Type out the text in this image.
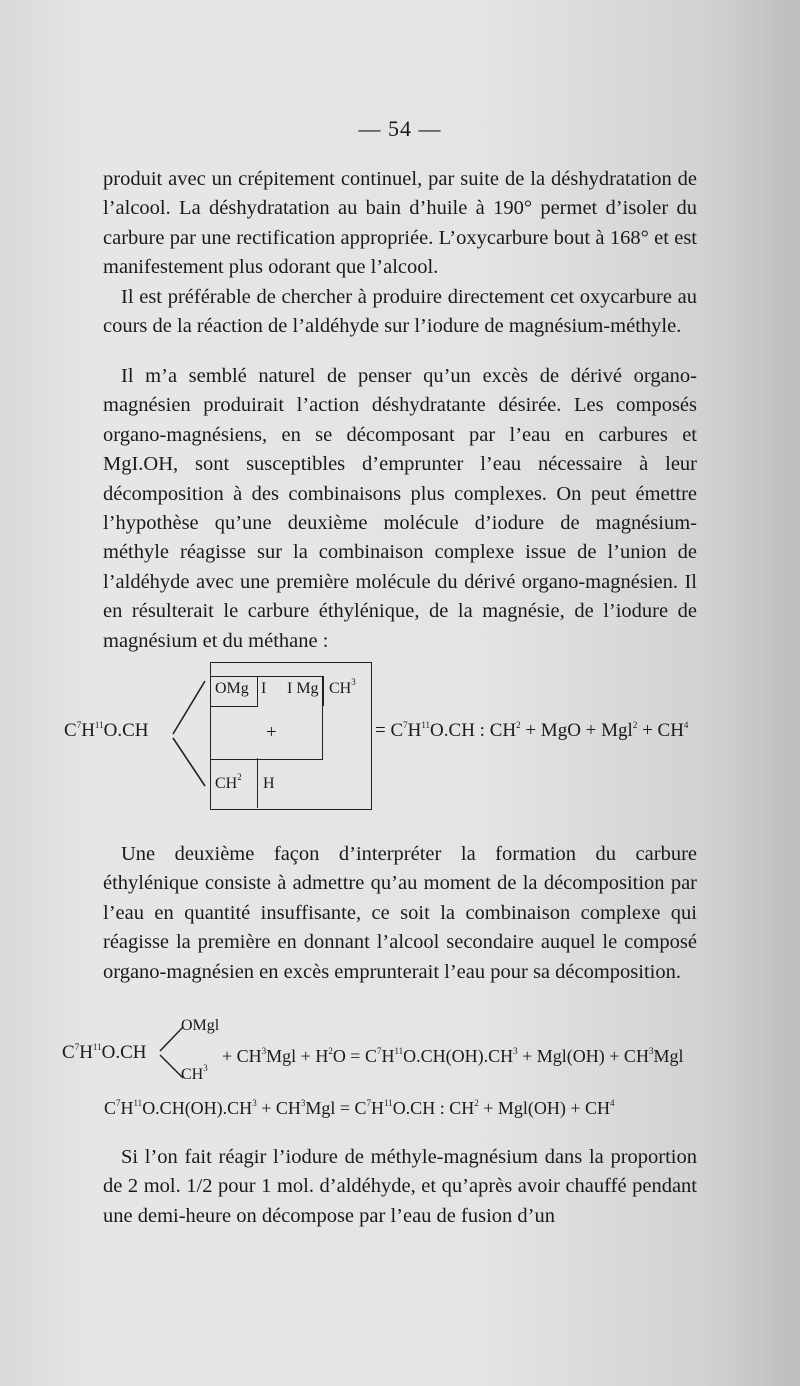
— 54 —

produit avec un crépitement continuel, par suite de la déshydratation de l’alcool. La déshydratation au bain d’huile à 190° permet d’isoler du carbure par une rectification appropriée. L’oxycarbure bout à 168° et est manifestement plus odorant que l’alcool.

Il est préférable de chercher à produire directement cet oxycarbure au cours de la réaction de l’aldéhyde sur l’iodure de magnésium-méthyle.

Il m’a semblé naturel de penser qu’un excès de dérivé organo-magnésien produirait l’action déshydratante désirée. Les composés organo-magnésiens, en se décomposant par l’eau en carbures et MgI.OH, sont susceptibles d’emprunter l’eau nécessaire à leur décomposition à des combinaisons plus complexes. On peut émettre l’hypothèse qu’une deuxième molécule d’iodure de magnésium-méthyle réagisse sur la combinaison complexe issue de l’union de l’aldéhyde avec une première molécule du dérivé organo-magnésien. Il en résulterait le carbure éthylénique, de la magnésie, de l’iodure de magnésium et du méthane :

$C^7H^{11}O.CH$
OMg I I Mg $CH^3$
+
$CH^2$ H
= $C^7H^{11}O.CH$ : $CH^2$ + MgO + $Mgl^2 + CH^4$

Une deuxième façon d’interpréter la formation du carbure éthylénique consiste à admettre qu’au moment de la décomposition par l’eau en quantité insuffisante, ce soit la combinaison complexe qui réagisse la première en donnant l’alcool secondaire auquel le composé organo-magnésien en excès emprunterait l’eau pour sa décomposition.

$C^7H^{11}O.CH$
OMgl
$CH^3$
+ $CH^3Mgl + H^2O = C^7H^{11}O.CH(OH).CH^3 + Mgl(OH) + CH^3Mgl$
$C^7H^{11}O.CH(OH).CH^3 + CH^3Mgl = C^7H^{11}O.CH$ : $CH^2 + Mgl(OH) + CH^4$

Si l’on fait réagir l’iodure de méthyle-magnésium dans la proportion de 2 mol. 1/2 pour 1 mol. d’aldéhyde, et qu’après avoir chauffé pendant une demi-heure on décompose par l’eau de fusion d’un
